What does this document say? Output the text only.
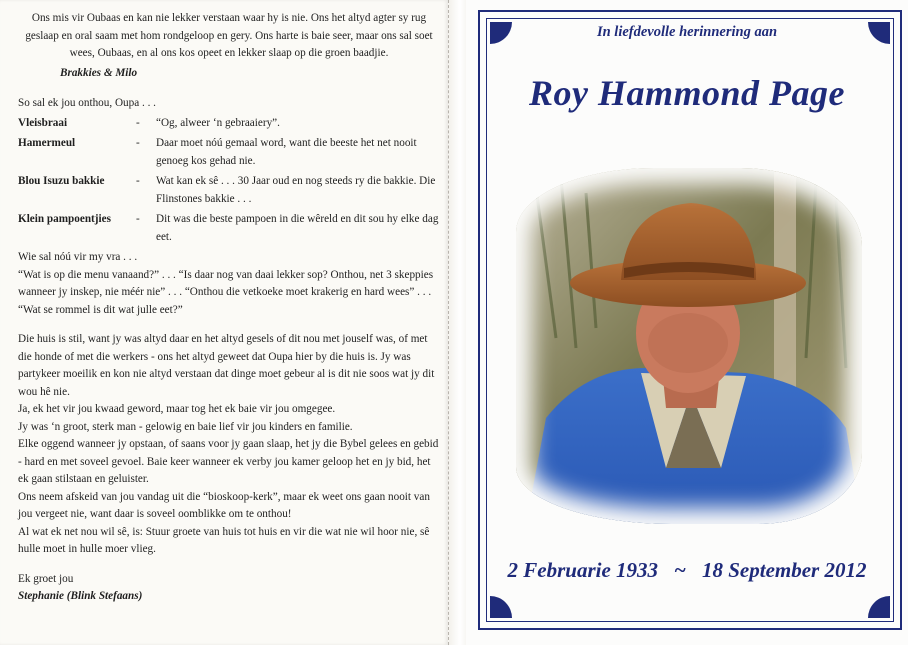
Ons mis vir Oubaas en kan nie lekker verstaan waar hy is nie. Ons het altyd agter sy rug geslaap en oral saam met hom rondgeloop en gery. Ons harte is baie seer, maar ons sal soet wees, Oubaas, en al ons kos opeet en lekker slaap op die groen baadjie.

Brakkies & Milo

So sal ek jou onthou, Oupa . . .

Vleisbraai	-	“Og, alweer ‘n gebraaiery”.
Hamermeul	-	Daar moet nóú gemaal word, want die beeste het net nooit genoeg kos gehad nie.
Blou Isuzu bakkie	-	Wat kan ek sê . . . 30 Jaar oud en nog steeds ry die bakkie. Die Flinstones bakkie . . .
Klein pampoentjies	-	Dit was die beste pampoen in die wêreld en dit sou hy elke dag eet.

Wie sal nóú vir my vra . . .

“Wat is op die menu vanaand?” . . . “Is daar nog van daai lekker sop? Onthou, net 3 skeppies wanneer jy inskep, nie méér nie” . . . “Onthou die vetkoeke moet krakerig en hard wees” . . . “Wat se rommel is dit wat julle eet?”

Die huis is stil, want jy was altyd daar en het altyd gesels of dit nou met jouself was, of met die honde of met die werkers - ons het altyd geweet dat Oupa hier by die huis is. Jy was partykeer moeilik en kon nie altyd verstaan dat dinge moet gebeur al is dit nie soos wat jy dit wou hê nie.

Ja, ek het vir jou kwaad geword, maar tog het ek baie vir jou omgegee.

Jy was ‘n groot, sterk man - gelowig en baie lief vir jou kinders en familie.

Elke oggend wanneer jy opstaan, of saans voor jy gaan slaap, het jy die Bybel gelees en gebid - hard en met soveel gevoel. Baie keer wanneer ek verby jou kamer geloop het en jy bid, het ek gaan stilstaan en geluister.

Ons neem afskeid van jou vandag uit die “bioskoop-kerk”, maar ek weet ons gaan nooit van jou vergeet nie, want daar is soveel oomblikke om te onthou!

Al wat ek net nou wil sê, is: Stuur groete van huis tot huis en vir die wat nie wil hoor nie, sê hulle moet in hulle moer vlieg.

Ek groet jou

Stephanie (Blink Stefaans)

In liefdevolle herinnering aan
Roy Hammond Page
2 Februarie 1933 ~ 18 September 2012
